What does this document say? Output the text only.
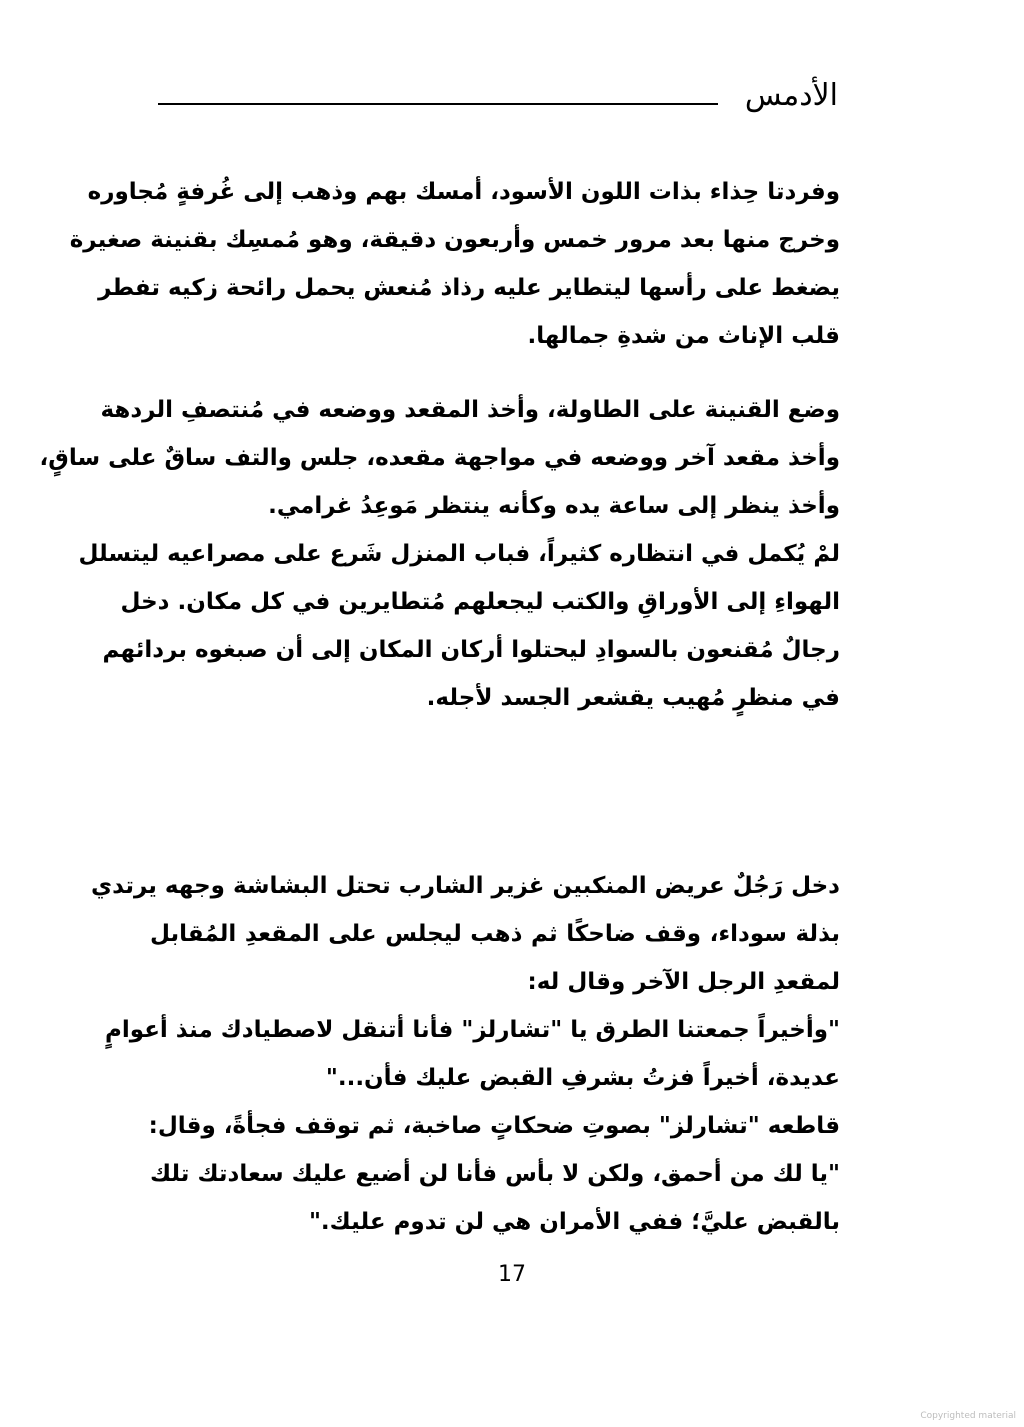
الأدمس
وفردتا حِذاء بذات اللون الأسود، أمسك بهم وذهب إلى غُرفةٍ مُجاوره
وخرج منها بعد مرور خمس وأربعون دقيقة، وهو مُمسِك بقنينة صغيرة
يضغط على رأسها ليتطاير عليه رذاذ مُنعش يحمل رائحة زكيه تفطر
قلب الإناث من شدةِ جمالها.
وضع القنينة على الطاولة، وأخذ المقعد ووضعه في مُنتصفِ الردهة
وأخذ مقعد آخر ووضعه في مواجهة مقعده، جلس والتف ساقٌ على ساقٍ،
وأخذ ينظر إلى ساعة يده وكأنه ينتظر مَوعِدُ غرامي.
لمْ يُكمل في انتظاره كثيراً، فباب المنزل شَرع على مصراعيه ليتسلل
الهواءِ إلى الأوراقِ والكتب ليجعلهم مُتطايرين في كل مكان. دخل
رجالٌ مُقنعون بالسوادِ ليحتلوا أركان المكان إلى أن صبغوه بردائهم
في منظرٍ مُهيب يقشعر الجسد لأجله.
دخل رَجُلٌ عريض المنكبين غزير الشارب تحتل البشاشة وجهه يرتدي
بذلة سوداء، وقف ضاحكًا ثم ذهب ليجلس على المقعدِ المُقابل
لمقعدِ الرجل الآخر وقال له:
"وأخيراً جمعتنا الطرق يا "تشارلز" فأنا أتنقل لاصطيادك منذ أعوامٍ
عديدة، أخيراً فزتُ بشرفِ القبض عليك فأن..."
قاطعه "تشارلز" بصوتِ ضحكاتٍ صاخبة، ثم توقف فجأةً، وقال:
"يا لك من أحمق، ولكن لا بأس فأنا لن أضيع عليك سعادتك تلك
بالقبض عليَّ؛ ففي الأمران هي لن تدوم عليك."
17
Copyrighted material
